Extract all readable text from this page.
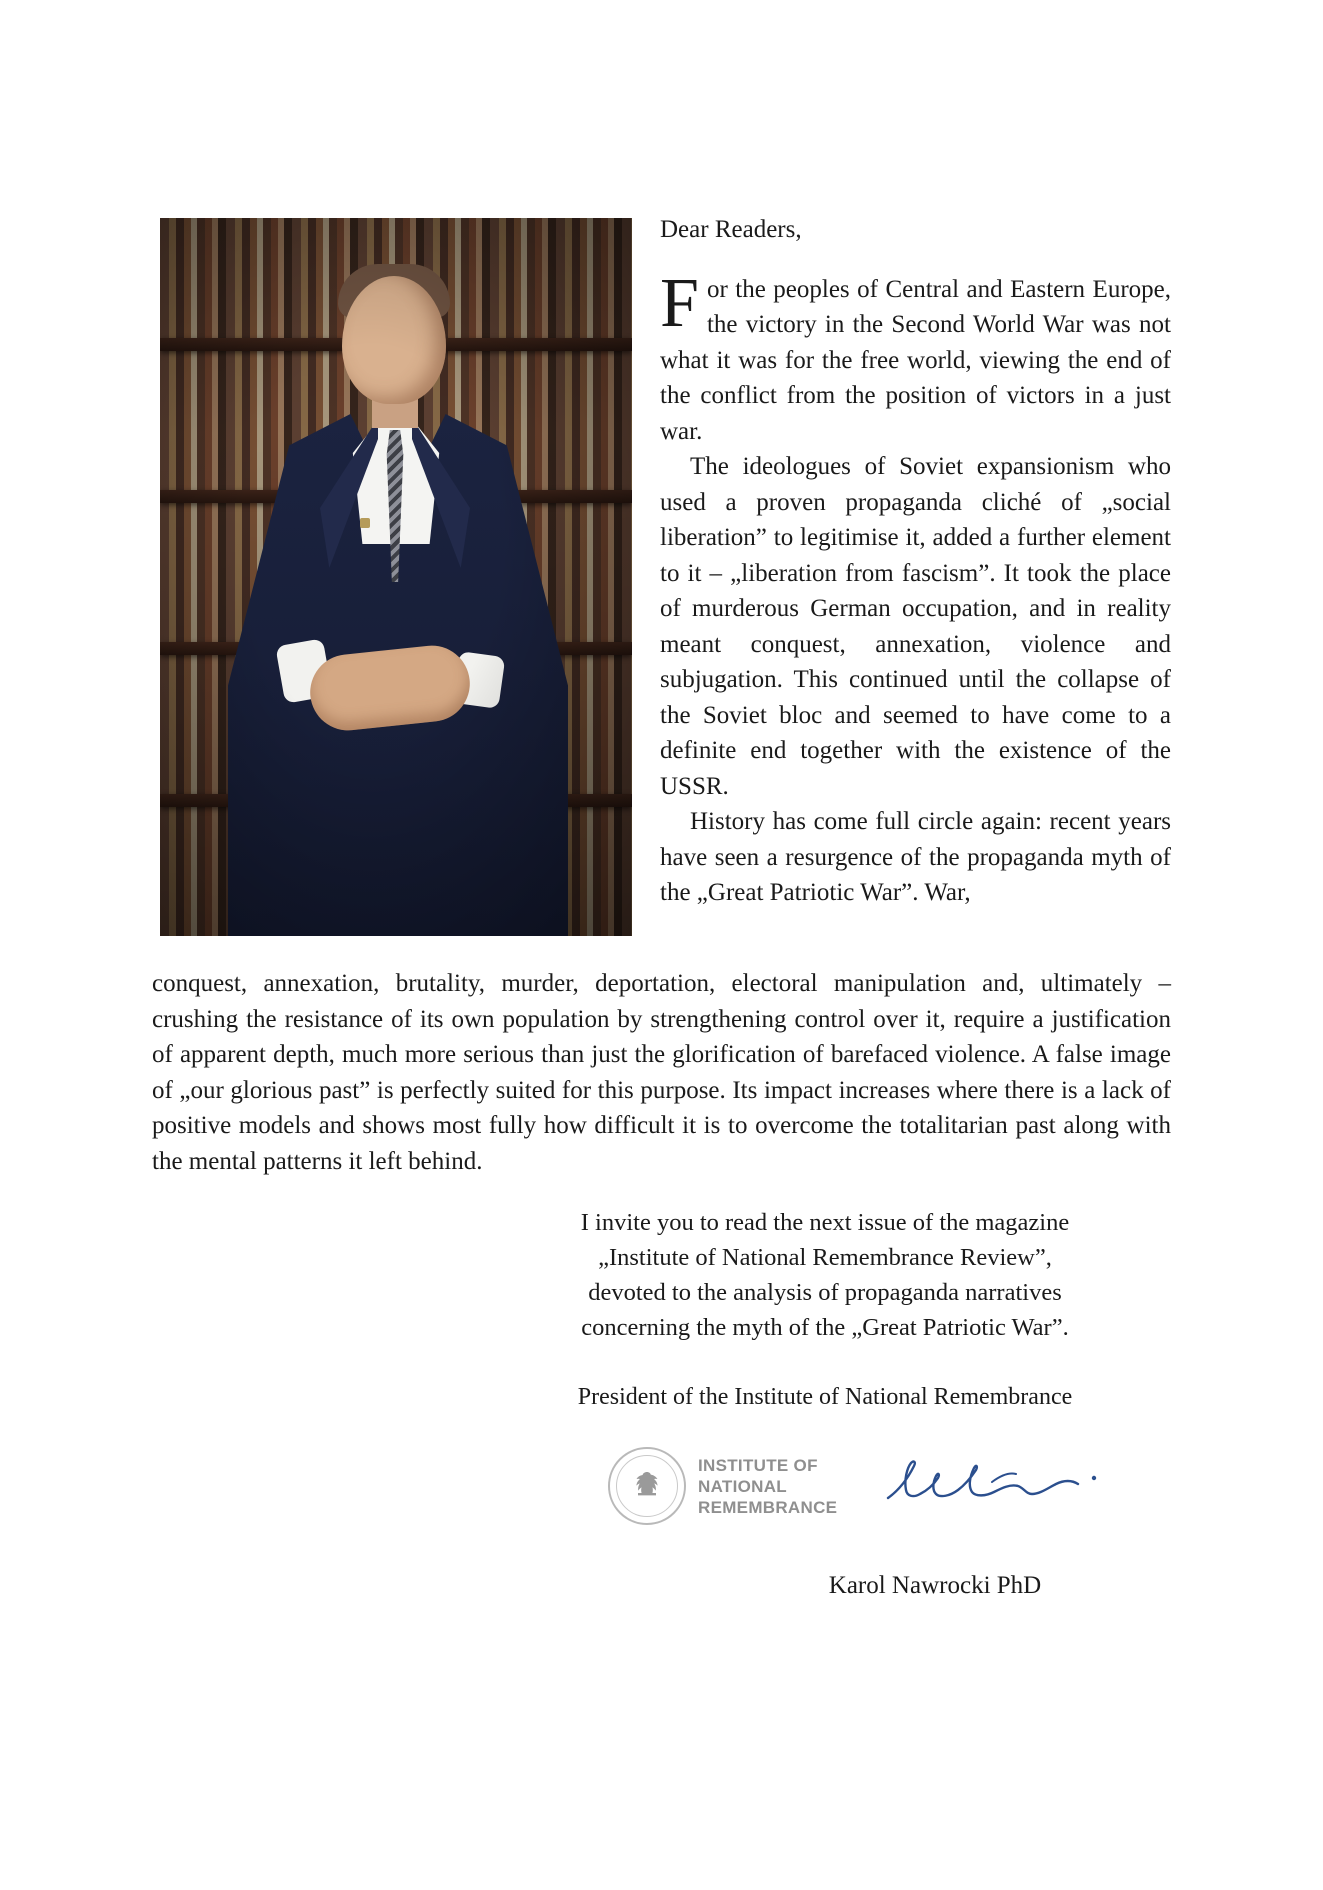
Dear Readers,

For the peoples of Central and Eastern Europe, the victory in the Second World War was not what it was for the free world, viewing the end of the conflict from the position of victors in a just war.

The ideologues of Soviet expansionism who used a proven propaganda cliché of „social liberation” to legitimise it, added a further element to it – „liberation from fascism”. It took the place of murderous German occupation, and in reality meant conquest, annexation, violence and subjugation. This continued until the collapse of the Soviet bloc and seemed to have come to a definite end together with the existence of the USSR.

History has come full circle again: recent years have seen a resurgence of the propaganda myth of the „Great Patriotic War”. War,

conquest, annexation, brutality, murder, deportation, electoral manipulation and, ultimately – crushing the resistance of its own population by strengthening control over it, require a justification of apparent depth, much more serious than just the glorification of barefaced violence. A false image of „our glorious past” is perfectly suited for this purpose. Its impact increases where there is a lack of positive models and shows most fully how difficult it is to overcome the totalitarian past along with the mental patterns it left behind.

I invite you to read the next issue of the magazine
„Institute of National Remembrance Review”,
devoted to the analysis of propaganda narratives
concerning the myth of the „Great Patriotic War”.
President of the Institute of National Remembrance
INSTITUTE OF
NATIONAL
REMEMBRANCE
Karol Nawrocki PhD
